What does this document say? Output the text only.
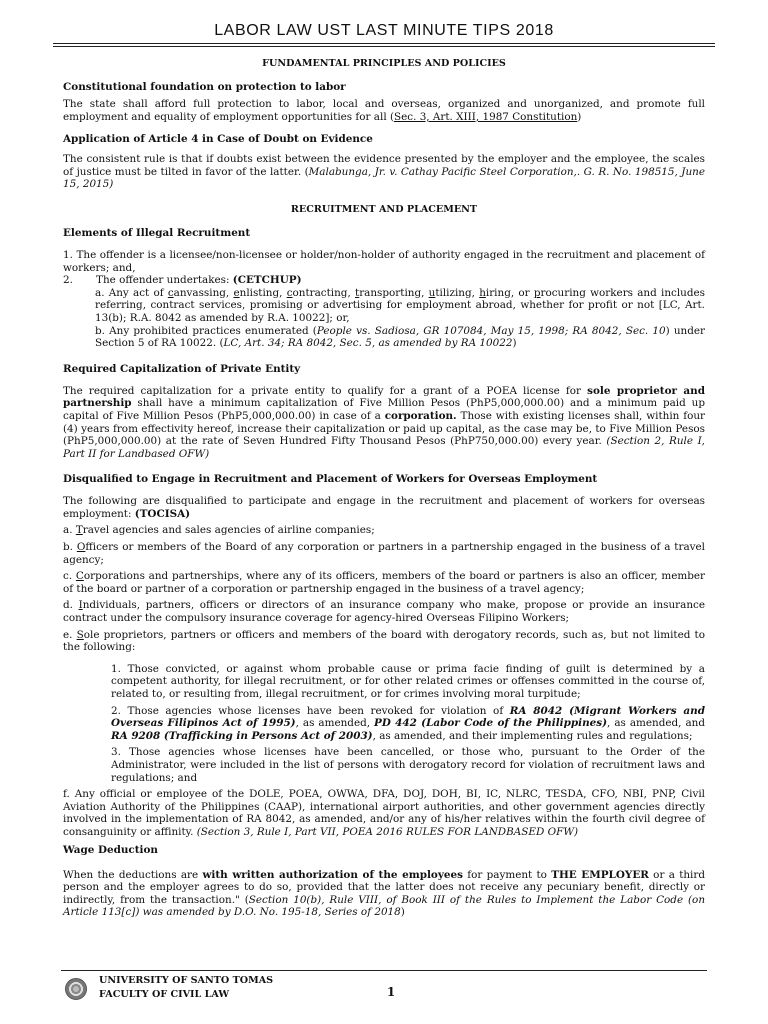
LABOR LAW UST LAST MINUTE TIPS 2018
FUNDAMENTAL PRINCIPLES AND POLICIES
Constitutional foundation on protection to labor

The state shall afford full protection to labor, local and overseas, organized and unorganized, and promote full employment and equality of employment opportunities for all (Sec. 3, Art. XIII, 1987 Constitution)

Application of Article 4 in Case of Doubt on Evidence

The consistent rule is that if doubts exist between the evidence presented by the employer and the employee, the scales of justice must be tilted in favor of the latter. (Malabunga, Jr. v. Cathay Pacific Steel Corporation,. G. R. No. 198515, June 15, 2015)

RECRUITMENT AND PLACEMENT
Elements of Illegal Recruitment

1. The offender is a licensee/non-licensee or holder/non-holder of authority engaged in the recruitment and placement of workers; and,

2. The offender undertakes: (CETCHUP)

a. Any act of canvassing, enlisting, contracting, transporting, utilizing, hiring, or procuring workers and includes referring, contract services, promising or advertising for employment abroad, whether for profit or not [LC, Art. 13(b); R.A. 8042 as amended by R.A. 10022]; or,

b. Any prohibited practices enumerated (People vs. Sadiosa, GR 107084, May 15, 1998; RA 8042, Sec. 10) under Section 5 of RA 10022. (LC, Art. 34; RA 8042, Sec. 5, as amended by RA 10022)

Required Capitalization of Private Entity

The required capitalization for a private entity to qualify for a grant of a POEA license for sole proprietor and partnership shall have a minimum capitalization of Five Million Pesos (PhP5,000,000.00) and a minimum paid up capital of Five Million Pesos (PhP5,000,000.00) in case of a corporation. Those with existing licenses shall, within four (4) years from effectivity hereof, increase their capitalization or paid up capital, as the case may be, to Five Million Pesos (PhP5,000,000.00) at the rate of Seven Hundred Fifty Thousand Pesos (PhP750,000.00) every year. (Section 2, Rule I, Part II for Landbased OFW)

Disqualified to Engage in Recruitment and Placement of Workers for Overseas Employment

The following are disqualified to participate and engage in the recruitment and placement of workers for overseas employment: (TOCISA)

a. Travel agencies and sales agencies of airline companies;

b. Officers or members of the Board of any corporation or partners in a partnership engaged in the business of a travel agency;

c. Corporations and partnerships, where any of its officers, members of the board or partners is also an officer, member of the board or partner of a corporation or partnership engaged in the business of a travel agency;

d. Individuals, partners, officers or directors of an insurance company who make, propose or provide an insurance contract under the compulsory insurance coverage for agency-hired Overseas Filipino Workers;

e. Sole proprietors, partners or officers and members of the board with derogatory records, such as, but not limited to the following:

1. Those convicted, or against whom probable cause or prima facie finding of guilt is determined by a competent authority, for illegal recruitment, or for other related crimes or offenses committed in the course of, related to, or resulting from, illegal recruitment, or for crimes involving moral turpitude;

2. Those agencies whose licenses have been revoked for violation of RA 8042 (Migrant Workers and Overseas Filipinos Act of 1995), as amended, PD 442 (Labor Code of the Philippines), as amended, and RA 9208 (Trafficking in Persons Act of 2003), as amended, and their implementing rules and regulations;

3. Those agencies whose licenses have been cancelled, or those who, pursuant to the Order of the Administrator, were included in the list of persons with derogatory record for violation of recruitment laws and regulations; and

f. Any official or employee of the DOLE, POEA, OWWA, DFA, DOJ, DOH, BI, IC, NLRC, TESDA, CFO, NBI, PNP, Civil Aviation Authority of the Philippines (CAAP), international airport authorities, and other government agencies directly involved in the implementation of RA 8042, as amended, and/or any of his/her relatives within the fourth civil degree of consanguinity or affinity. (Section 3, Rule I, Part VII, POEA 2016 RULES FOR LANDBASED OFW)

Wage Deduction

When the deductions are with written authorization of the employees for payment to THE EMPLOYER or a third person and the employer agrees to do so, provided that the latter does not receive any pecuniary benefit, directly or indirectly, from the transaction." (Section 10(b), Rule VIII, of Book III of the Rules to Implement the Labor Code (on Article 113[c]) was amended by D.O. No. 195-18, Series of 2018)

UNIVERSITY OF SANTO TOMAS
FACULTY OF CIVIL LAW	1
